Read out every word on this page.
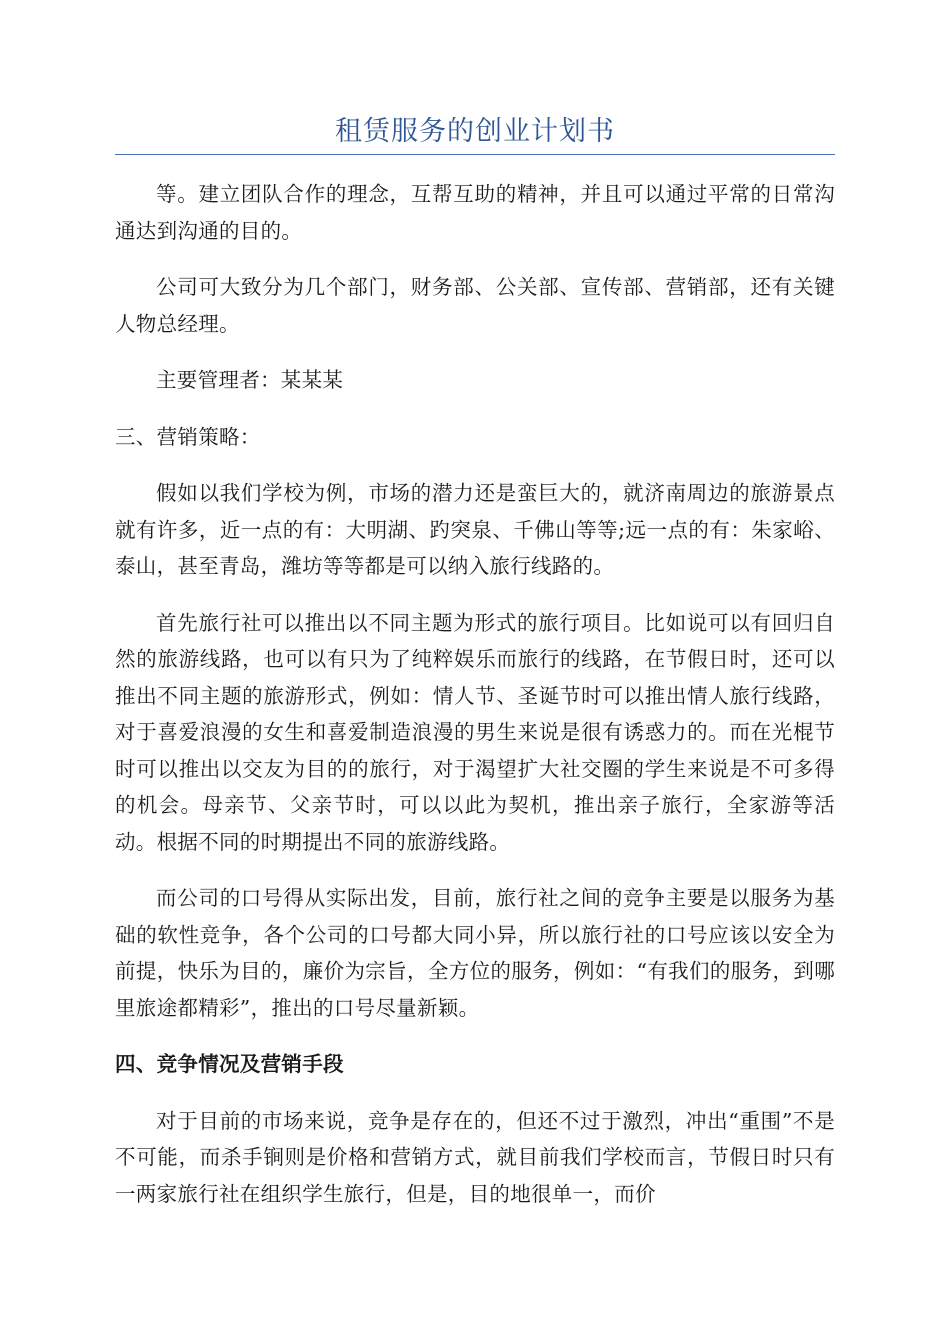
租赁服务的创业计划书

等。建立团队合作的理念，互帮互助的精神，并且可以通过平常的日常沟通达到沟通的目的。

公司可大致分为几个部门，财务部、公关部、宣传部、营销部，还有关键人物总经理。

主要管理者：某某某

三、营销策略：

假如以我们学校为例，市场的潜力还是蛮巨大的，就济南周边的旅游景点就有许多，近一点的有：大明湖、趵突泉、千佛山等等;远一点的有：朱家峪、泰山，甚至青岛，潍坊等等都是可以纳入旅行线路的。

首先旅行社可以推出以不同主题为形式的旅行项目。比如说可以有回归自然的旅游线路，也可以有只为了纯粹娱乐而旅行的线路，在节假日时，还可以推出不同主题的旅游形式，例如：情人节、圣诞节时可以推出情人旅行线路，对于喜爱浪漫的女生和喜爱制造浪漫的男生来说是很有诱惑力的。而在光棍节时可以推出以交友为目的的旅行，对于渴望扩大社交圈的学生来说是不可多得的机会。母亲节、父亲节时，可以以此为契机，推出亲子旅行，全家游等活动。根据不同的时期提出不同的旅游线路。

而公司的口号得从实际出发，目前，旅行社之间的竞争主要是以服务为基础的软性竞争，各个公司的口号都大同小异，所以旅行社的口号应该以安全为前提，快乐为目的，廉价为宗旨，全方位的服务，例如：“有我们的服务，到哪里旅途都精彩”，推出的口号尽量新颖。

四、竞争情况及营销手段

对于目前的市场来说，竞争是存在的，但还不过于激烈，冲出“重围”不是不可能，而杀手锏则是价格和营销方式，就目前我们学校而言，节假日时只有一两家旅行社在组织学生旅行，但是，目的地很单一，而价
